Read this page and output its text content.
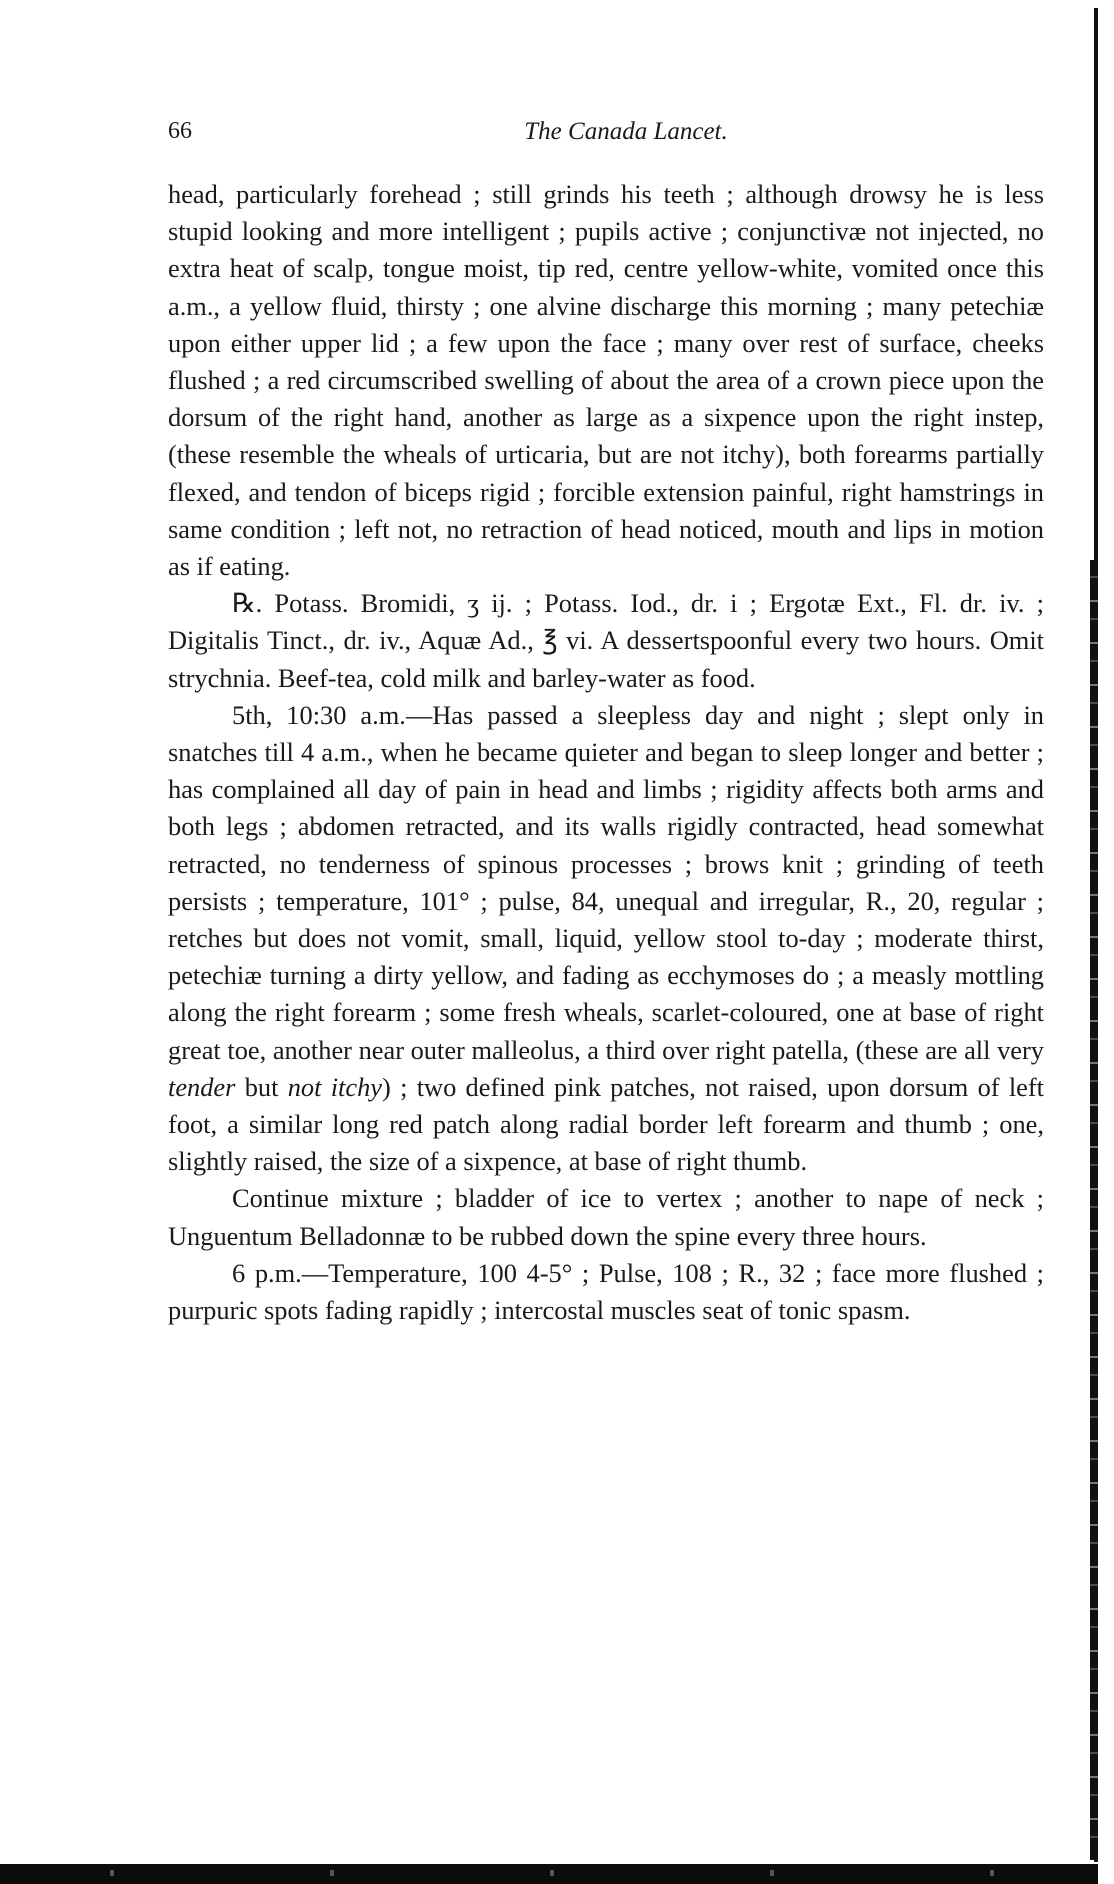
66	The Canada Lancet.

head, particularly forehead ; still grinds his teeth ; although drowsy he is less stupid looking and more intelligent ; pupils active ; conjunctivæ not injected, no extra heat of scalp, tongue moist, tip red, centre yellow-white, vomited once this a.m., a yellow fluid, thirsty ; one alvine discharge this morning ; many petechiæ upon either upper lid ; a few upon the face ; many over rest of surface, cheeks flushed ; a red circumscribed swelling of about the area of a crown piece upon the dorsum of the right hand, another as large as a sixpence upon the right instep, (these resemble the wheals of urticaria, but are not itchy), both forearms partially flexed, and tendon of biceps rigid ; forcible extension painful, right hamstrings in same condition ; left not, no retraction of head noticed, mouth and lips in motion as if eating.

℞. Potass. Bromidi, ʒ ij. ; Potass. Iod., dr. i ; Ergotæ Ext., Fl. dr. iv. ; Digitalis Tinct., dr. iv., Aquæ Ad., ℥ vi. A dessertspoonful every two hours. Omit strychnia. Beef-tea, cold milk and barley-water as food.

5th, 10:30 a.m.—Has passed a sleepless day and night ; slept only in snatches till 4 a.m., when he became quieter and began to sleep longer and better ; has complained all day of pain in head and limbs ; rigidity affects both arms and both legs ; abdomen retracted, and its walls rigidly contracted, head somewhat retracted, no tenderness of spinous processes ; brows knit ; grinding of teeth persists ; temperature, 101° ; pulse, 84, unequal and irregular, R., 20, regular ; retches but does not vomit, small, liquid, yellow stool to-day ; moderate thirst, petechiæ turning a dirty yellow, and fading as ecchymoses do ; a measly mottling along the right forearm ; some fresh wheals, scarlet-coloured, one at base of right great toe, another near outer malleolus, a third over right patella, (these are all very tender but not itchy) ; two defined pink patches, not raised, upon dorsum of left foot, a similar long red patch along radial border left forearm and thumb ; one, slightly raised, the size of a sixpence, at base of right thumb.

Continue mixture ; bladder of ice to vertex ; another to nape of neck ; Unguentum Belladonnæ to be rubbed down the spine every three hours.

6 p.m.—Temperature, 100 4-5° ; Pulse, 108 ; R., 32 ; face more flushed ; purpuric spots fading rapidly ; intercostal muscles seat of tonic spasm.
